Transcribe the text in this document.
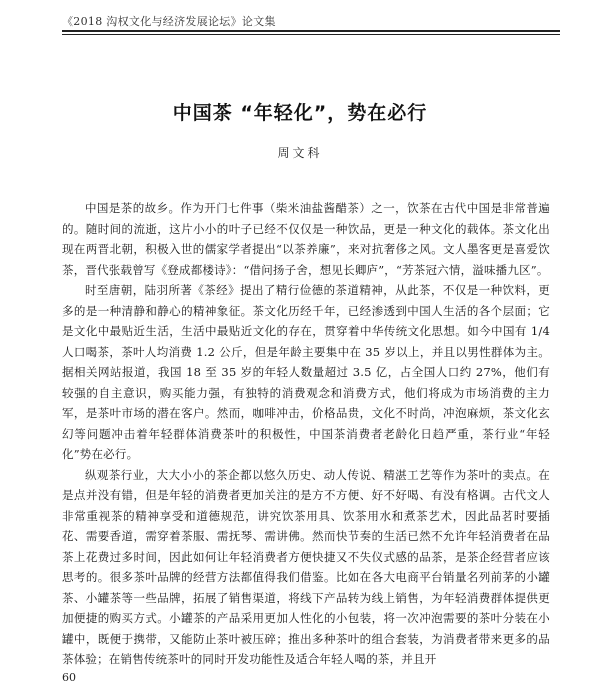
《2018 沟权文化与经济发展论坛》论文集
中国茶 “年轻化”，势在必行
周文科

中国是茶的故乡。作为开门七件事（柴米油盐酱醋茶）之一，饮茶在古代中国是非常普遍的。随时间的流逝，这片小小的叶子已经不仅仅是一种饮品，更是一种文化的载体。茶文化出现在两晋北朝，积极入世的儒家学者提出“以茶养廉”，来对抗奢侈之风。文人墨客更是喜爱饮茶，晋代张载曾写《登成都楼诗》：“借问扬子舍，想见长卿庐”，“芳茶冠六情，溢味播九区”。

时至唐朝，陆羽所著《茶经》提出了精行俭德的茶道精神，从此茶，不仅是一种饮料，更多的是一种清静和静心的精神象征。茶文化历经千年，已经渗透到中国人生活的各个层面；它是文化中最贴近生活，生活中最贴近文化的存在，贯穿着中华传统文化思想。如今中国有 1/4 人口喝茶，茶叶人均消费 1.2 公斤，但是年龄主要集中在 35 岁以上，并且以男性群体为主。据相关网站报道，我国 18 至 35 岁的年轻人数量超过 3.5 亿，占全国人口约 27%，他们有较强的自主意识，购买能力强，有独特的消费观念和消费方式，他们将成为市场消费的主力军，是茶叶市场的潜在客户。然而，咖啡冲击，价格品贵，文化不时尚，冲泡麻烦，茶文化玄幻等问题冲击着年轻群体消费茶叶的积极性，中国茶消费者老龄化日趋严重，茶行业“年轻化”势在必行。

纵观茶行业，大大小小的茶企都以悠久历史、动人传说、精湛工艺等作为茶叶的卖点。在是点并没有错，但是年轻的消费者更加关注的是方不方便、好不好喝、有没有格调。古代文人非常重视茶的精神享受和道德规范，讲究饮茶用具、饮茶用水和煮茶艺术，因此品茗时要插花、需要香道，需穿着茶服、需抚琴、需讲佛。然而快节奏的生活已然不允许年轻消费者在品茶上花费过多时间，因此如何让年轻消费者方便快捷又不失仪式感的品茶，是茶企经营者应该思考的。很多茶叶品牌的经营方法都值得我们借鉴。比如在各大电商平台销量名列前茅的小罐茶、小罐茶等一些品牌，拓展了销售渠道，将线下产品转为线上销售，为年轻消费群体提供更加便捷的购买方式。小罐茶的产品采用更加人性化的小包装，将一次冲泡需要的茶叶分装在小罐中，既便于携带，又能防止茶叶被压碎；推出多种茶叶的组合套装，为消费者带来更多的品茶体验；在销售传统茶叶的同时开发功能性及适合年轻人喝的茶，并且开

60
